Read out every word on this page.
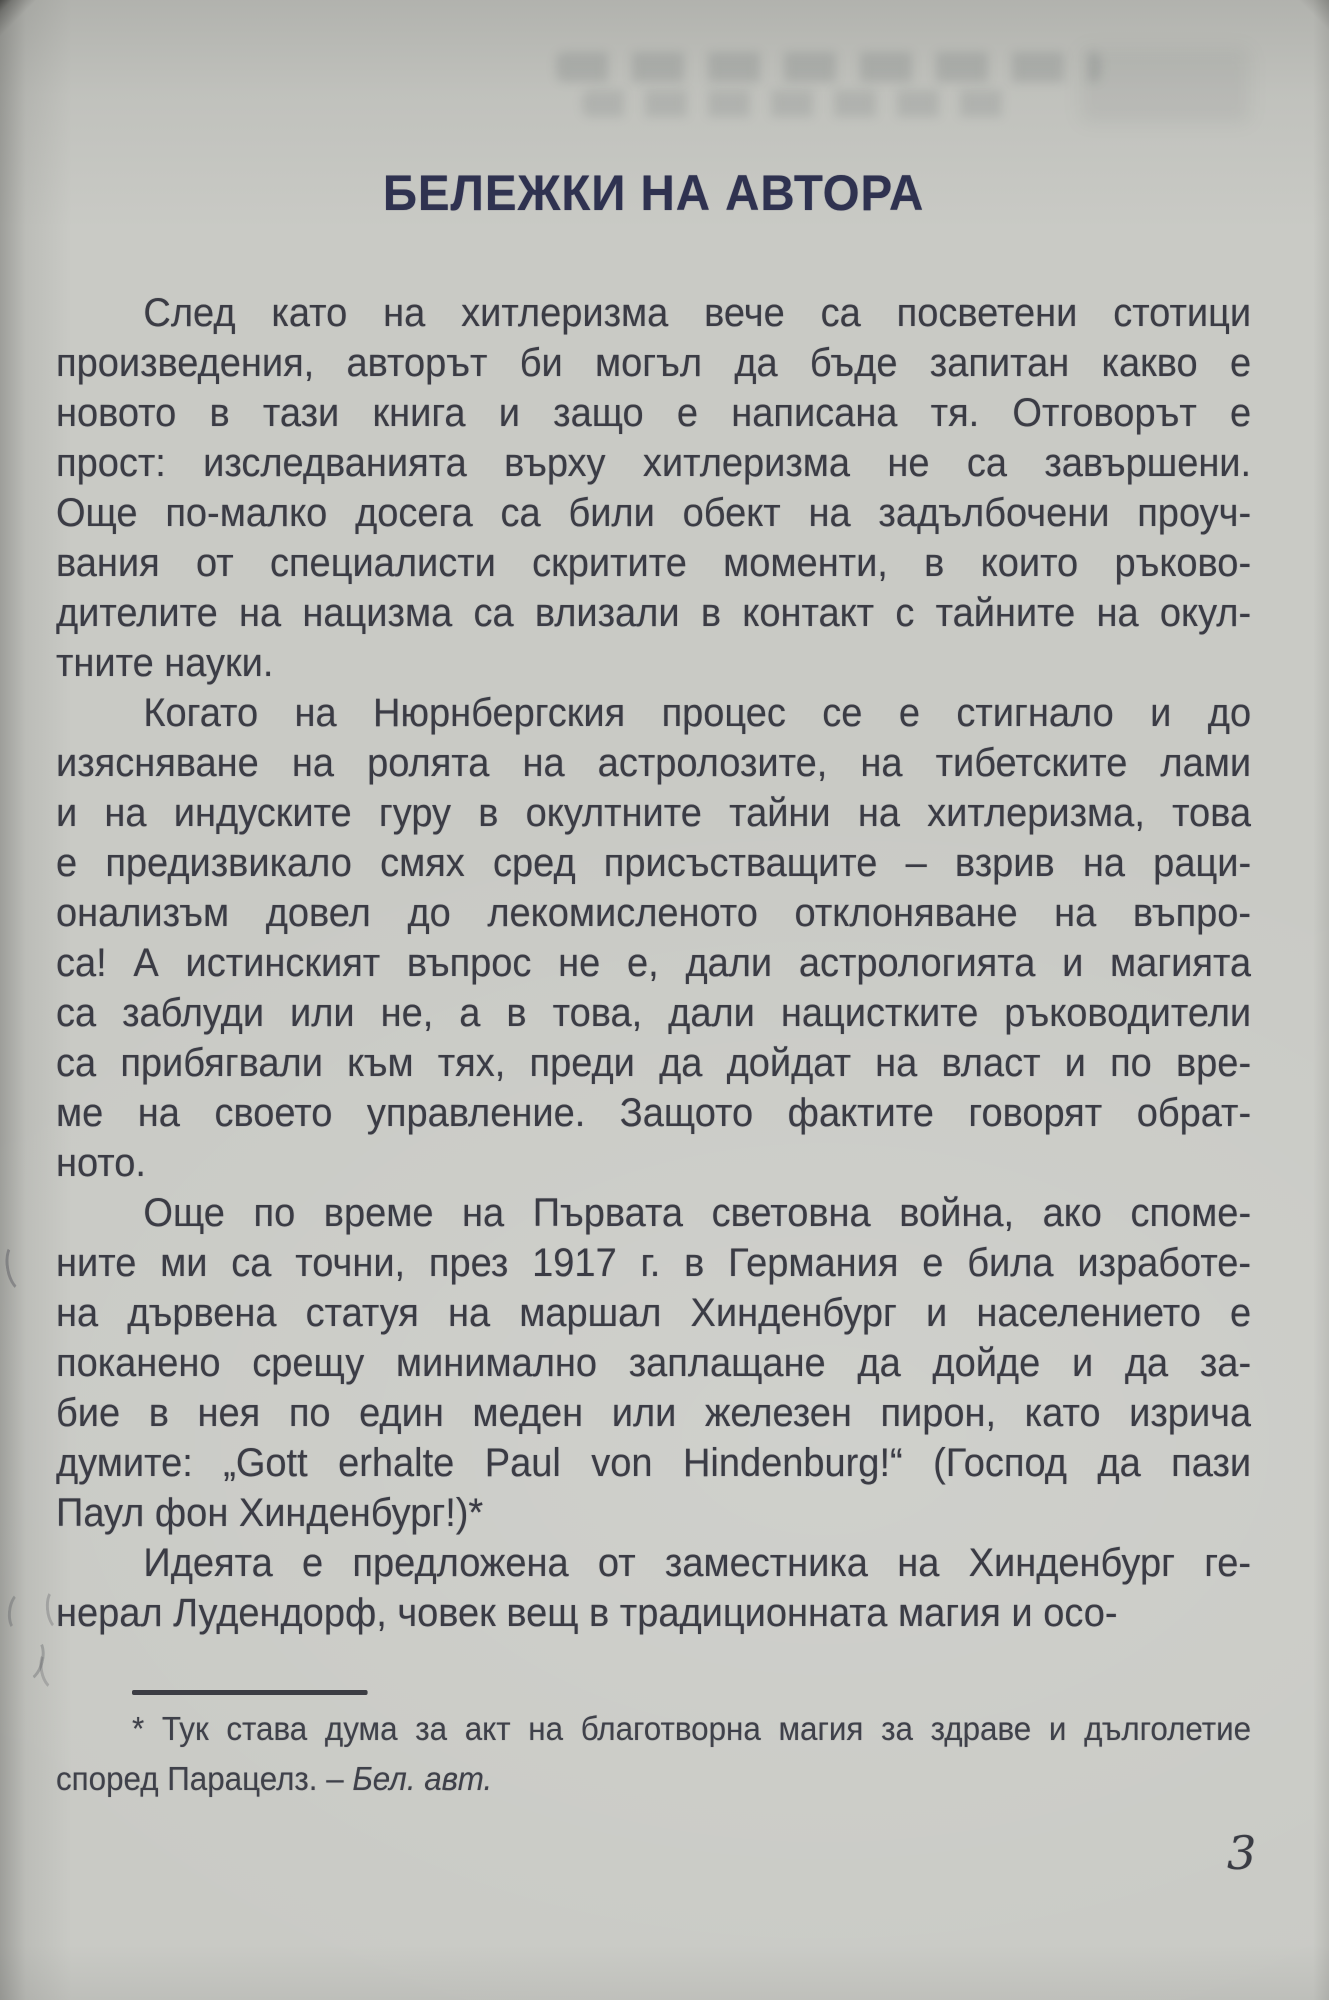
БЕЛЕЖКИ НА АВТОРА
След като на хитлеризма вече са посветени стотици
произведения, авторът би могъл да бъде запитан какво е
новото в тази книга и защо е написана тя. Отговорът е
прост: изследванията върху хитлеризма не са завършени.
Още по-малко досега са били обект на задълбочени проуч-
вания от специалисти скритите моменти, в които ръково-
дителите на нацизма са влизали в контакт с тайните на окул-
тните науки.
Когато на Нюрнбергския процес се е стигнало и до
изясняване на ролята на астролозите, на тибетските лами
и на индуските гуру в окултните тайни на хитлеризма, това
е предизвикало смях сред присъстващите – взрив на раци-
онализъм довел до лекомисленото отклоняване на въпро-
са! А истинският въпрос не е, дали астрологията и магията
са заблуди или не, а в това, дали нацистките ръководители
са прибягвали към тях, преди да дойдат на власт и по вре-
ме на своето управление. Защото фактите говорят обрат-
ното.
Още по време на Първата световна война, ако споме-
ните ми са точни, през 1917 г. в Германия е била изработе-
на дървена статуя на маршал Хинденбург и населението е
поканено срещу минимално заплащане да дойде и да за-
бие в нея по един меден или железен пирон, като изрича
думите: „Gott erhalte Paul von Hindenburg!“ (Господ да пази
Паул фон Хинденбург!)*
Идеята е предложена от заместника на Хинденбург ге-
нерал Лудендорф, човек вещ в традиционната магия и осо-
* Тук става дума за акт на благотворна магия за здраве и дълголетие
според Парацелз. – Бел. авт.
3
